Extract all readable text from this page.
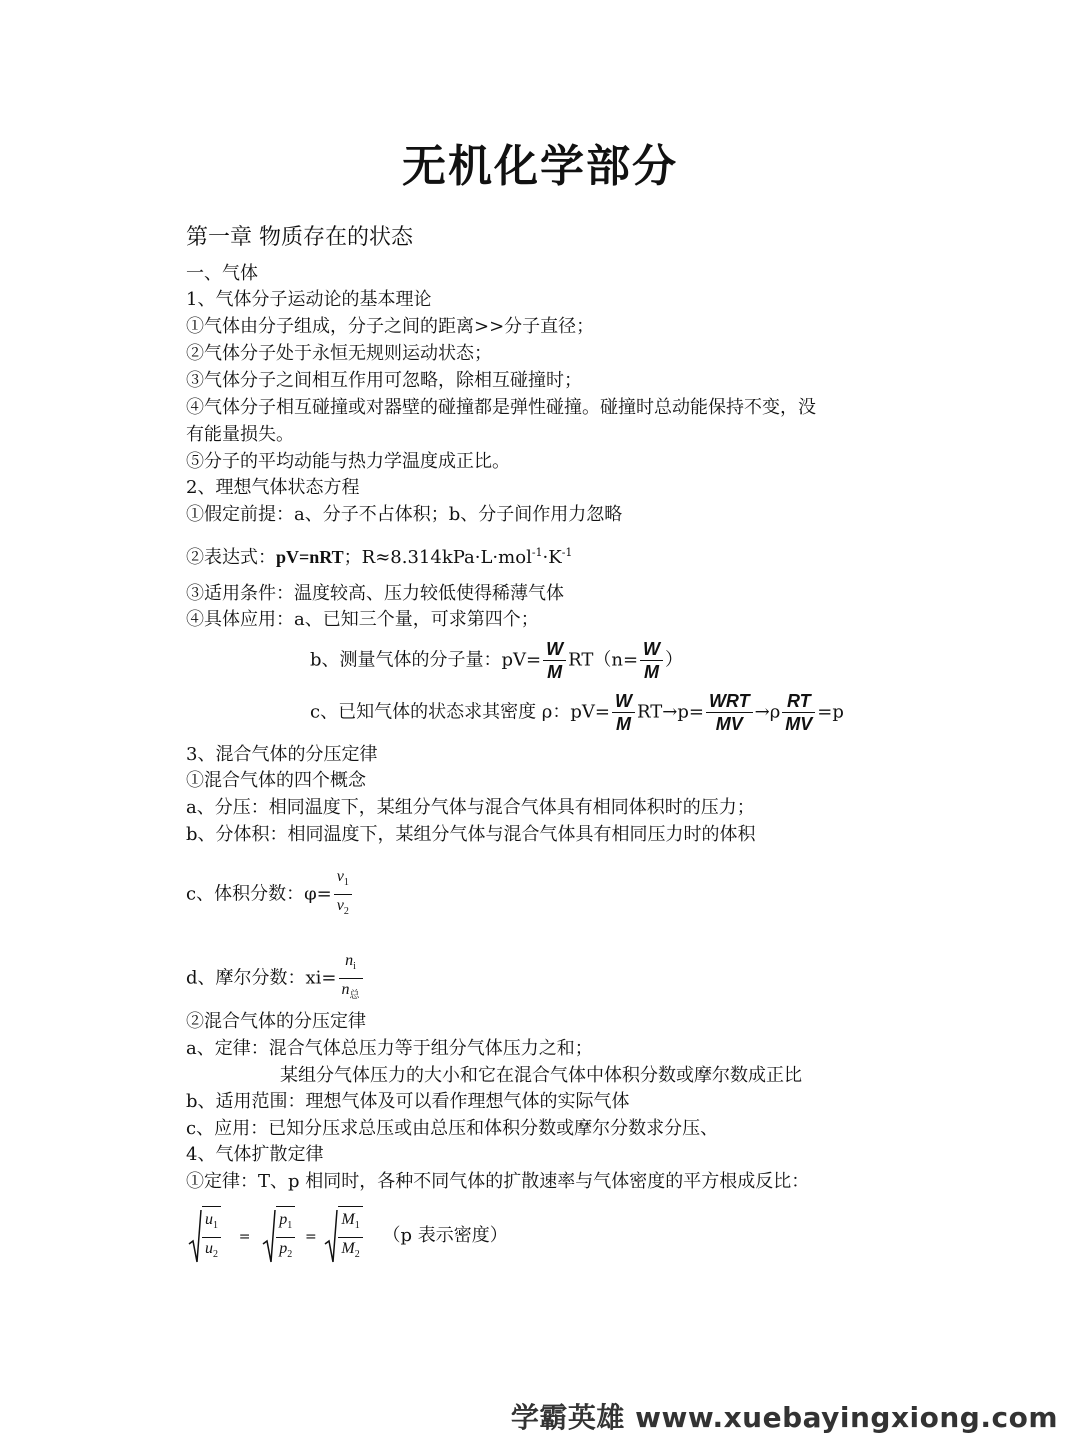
无机化学部分
第一章 物质存在的状态
一、气体
1、气体分子运动论的基本理论
①气体由分子组成，分子之间的距离>>分子直径；
②气体分子处于永恒无规则运动状态；
③气体分子之间相互作用可忽略，除相互碰撞时；
④气体分子相互碰撞或对器壁的碰撞都是弹性碰撞。碰撞时总动能保持不变，没
有能量损失。
⑤分子的平均动能与热力学温度成正比。
2、理想气体状态方程
①假定前提：a、分子不占体积；b、分子间作用力忽略
②表达式：pV=nRT；$R\approx 8.314kPa\cdot L\cdot mol^{-1}\cdot K^{-1}$
③适用条件：温度较高、压力较低使得稀薄气体
④具体应用：a、已知三个量，可求第四个；
b、测量气体的分子量：$pV= \frac{W}{M} RT(n= \frac{W}{M}$ ）
c、已知气体的状态求其密度 ρ：$pV= \frac{W}{M} RT\to p= \frac{\text{WRT}}{MV} \to\rho \frac{RT}{MV} =p$
3、混合气体的分压定律
①混合气体的四个概念
a、分压：相同温度下，某组分气体与混合气体具有相同体积时的压力；
b、分体积：相同温度下，某组分气体与混合气体具有相同压力时的体积
c、体积分数：$\varphi= \frac{v_1}{v_2}$
d、摩尔分数：$xi= \frac{n_i}{n_总}$
②混合气体的分压定律
a、定律：混合气体总压力等于组分气体压力之和；
某组分气体压力的大小和它在混合气体中体积分数或摩尔数成正比
b、适用范围：理想气体及可以看作理想气体的实际气体
c、应用：已知分压求总压或由总压和体积分数或摩尔分数求分压、
4、气体扩散定律
①定律：T、p 相同时，各种不同气体的扩散速率与气体密度的平方根成反比：
$\frac{u_1}{u_2} = \frac{p_1}{p_2} = \frac{M_1}{M_2} (p$ 表示密度）
学霸英雄 www.xuebayingxiong.com
